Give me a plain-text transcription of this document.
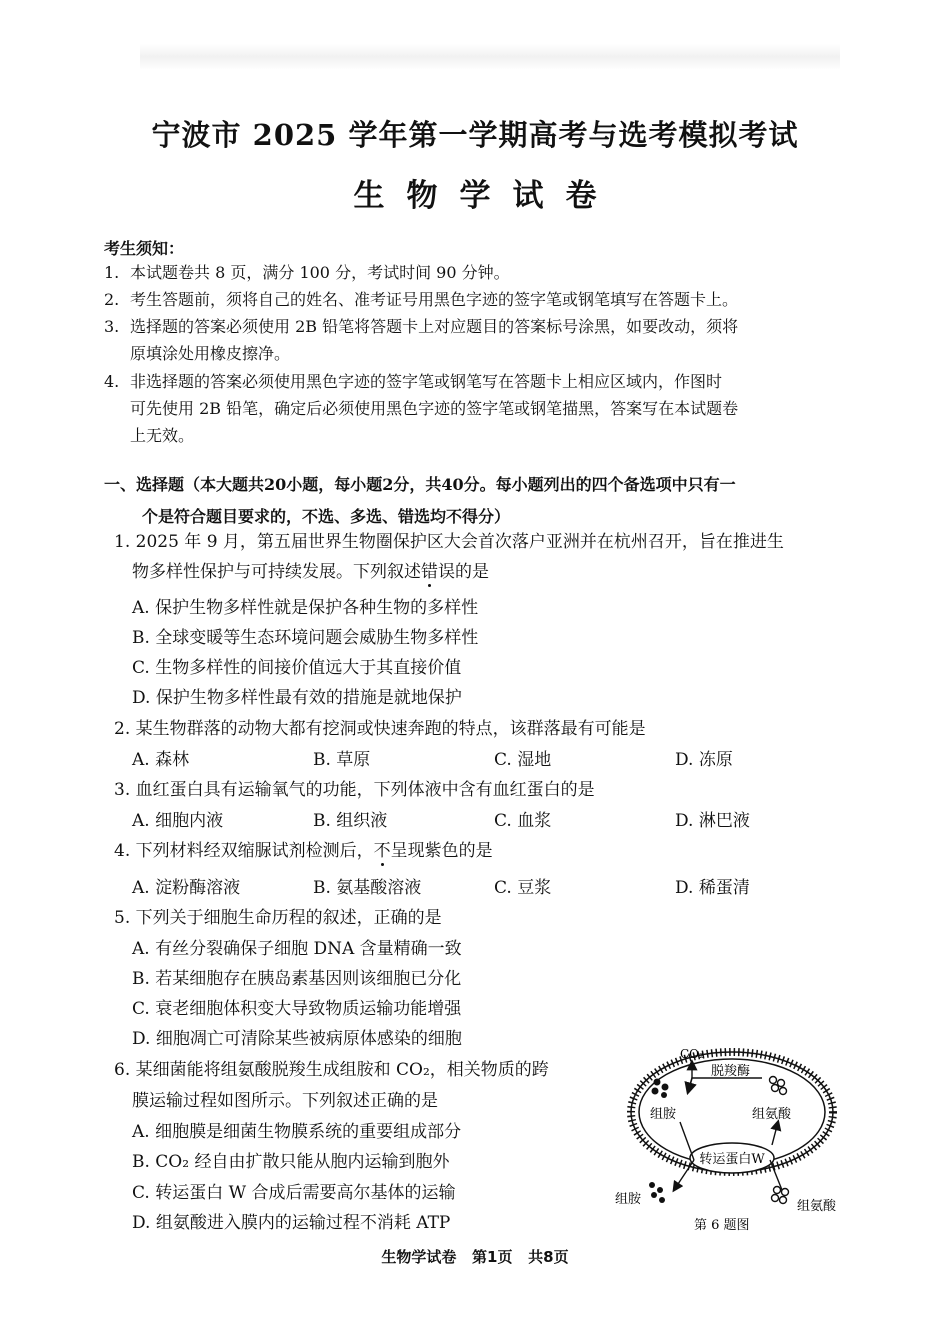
宁波市 2025 学年第一学期高考与选考模拟考试
生物学试卷
考生须知：
1. 本试题卷共 8 页，满分 100 分，考试时间 90 分钟。
2. 考生答题前，须将自己的姓名、准考证号用黑色字迹的签字笔或钢笔填写在答题卡上。
3. 选择题的答案必须使用 2B 铅笔将答题卡上对应题目的答案标号涂黑，如要改动，须将
原填涂处用橡皮擦净。
4. 非选择题的答案必须使用黑色字迹的签字笔或钢笔写在答题卡上相应区域内，作图时
可先使用 2B 铅笔，确定后必须使用黑色字迹的签字笔或钢笔描黑，答案写在本试题卷
上无效。
一、选择题（本大题共20小题，每小题2分，共40分。每小题列出的四个备选项中只有一
个是符合题目要求的，不选、多选、错选均不得分）
1. 2025 年 9 月，第五届世界生物圈保护区大会首次落户亚洲并在杭州召开，旨在推进生
物多样性保护与可持续发展。下列叙述错误的是
A. 保护生物多样性就是保护各种生物的多样性
B. 全球变暖等生态环境问题会威胁生物多样性
C. 生物多样性的间接价值远大于其直接价值
D. 保护生物多样性最有效的措施是就地保护
2. 某生物群落的动物大都有挖洞或快速奔跑的特点，该群落最有可能是
A. 森林	B. 草原	C. 湿地	D. 冻原
3. 血红蛋白具有运输氧气的功能，下列体液中含有血红蛋白的是
A. 细胞内液	B. 组织液	C. 血浆	D. 淋巴液
4. 下列材料经双缩脲试剂检测后，不呈现紫色的是
A. 淀粉酶溶液	B. 氨基酸溶液	C. 豆浆	D. 稀蛋清
5. 下列关于细胞生命历程的叙述，正确的是
A. 有丝分裂确保子细胞 DNA 含量精确一致
B. 若某细胞存在胰岛素基因则该细胞已分化
C. 衰老细胞体积变大导致物质运输功能增强
D. 细胞凋亡可清除某些被病原体感染的细胞
6. 某细菌能将组氨酸脱羧生成组胺和 CO₂，相关物质的跨
膜运输过程如图所示。下列叙述正确的是
A. 细胞膜是细菌生物膜系统的重要组成部分
B. CO₂ 经自由扩散只能从胞内运输到胞外
C. 转运蛋白 W 合成后需要高尔基体的运输
D. 组氨酸进入膜内的运输过程不消耗 ATP
转运蛋白W
CO₂
脱羧酶
组胺	组氨酸
组胺	组氨酸
第 6 题图
生物学试卷   第1页   共8页
